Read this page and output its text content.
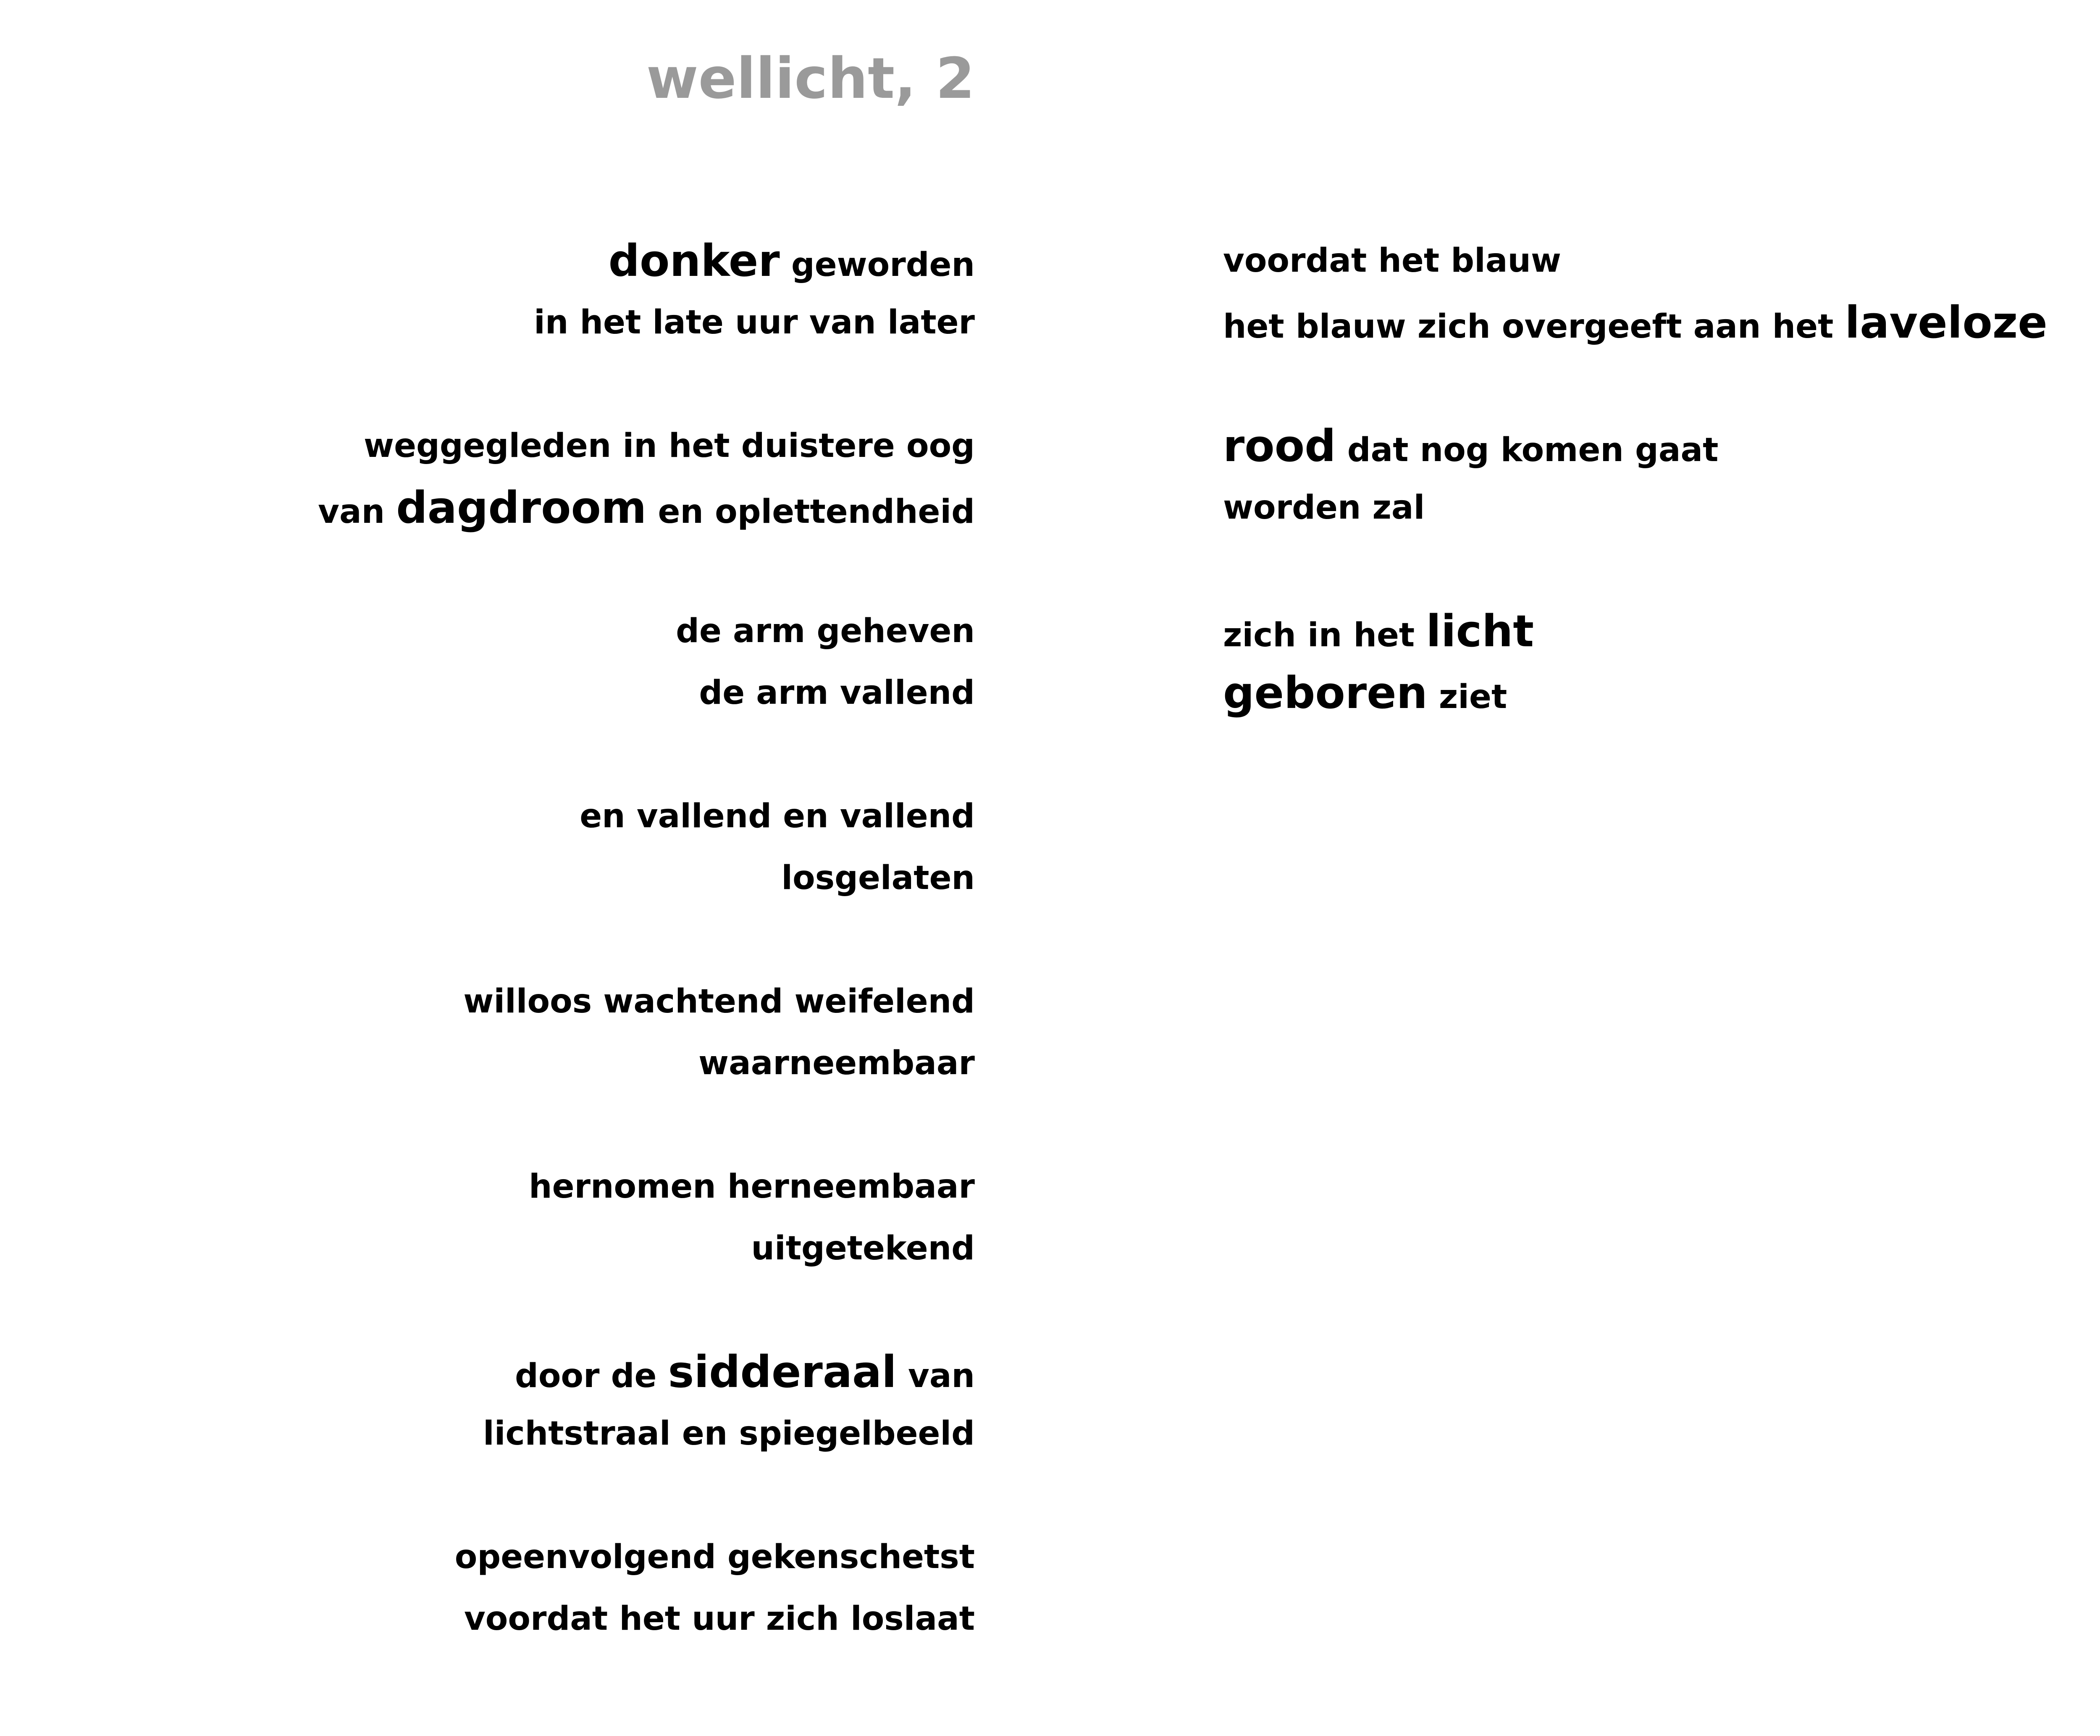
wellicht, 2
donker geworden
in het late uur van later
weggegleden in het duistere oog
van dagdroom en oplettendheid
de arm geheven
de arm vallend
en vallend en vallend
losgelaten
willoos wachtend weifelend
waarneembaar
hernomen herneembaar
uitgetekend
door de sidderaal van
lichtstraal en spiegelbeeld
opeenvolgend gekenschetst
voordat het uur zich loslaat
voordat het blauw
het blauw zich overgeeft aan het laveloze
rood dat nog komen gaat
worden zal
zich in het licht
geboren ziet
